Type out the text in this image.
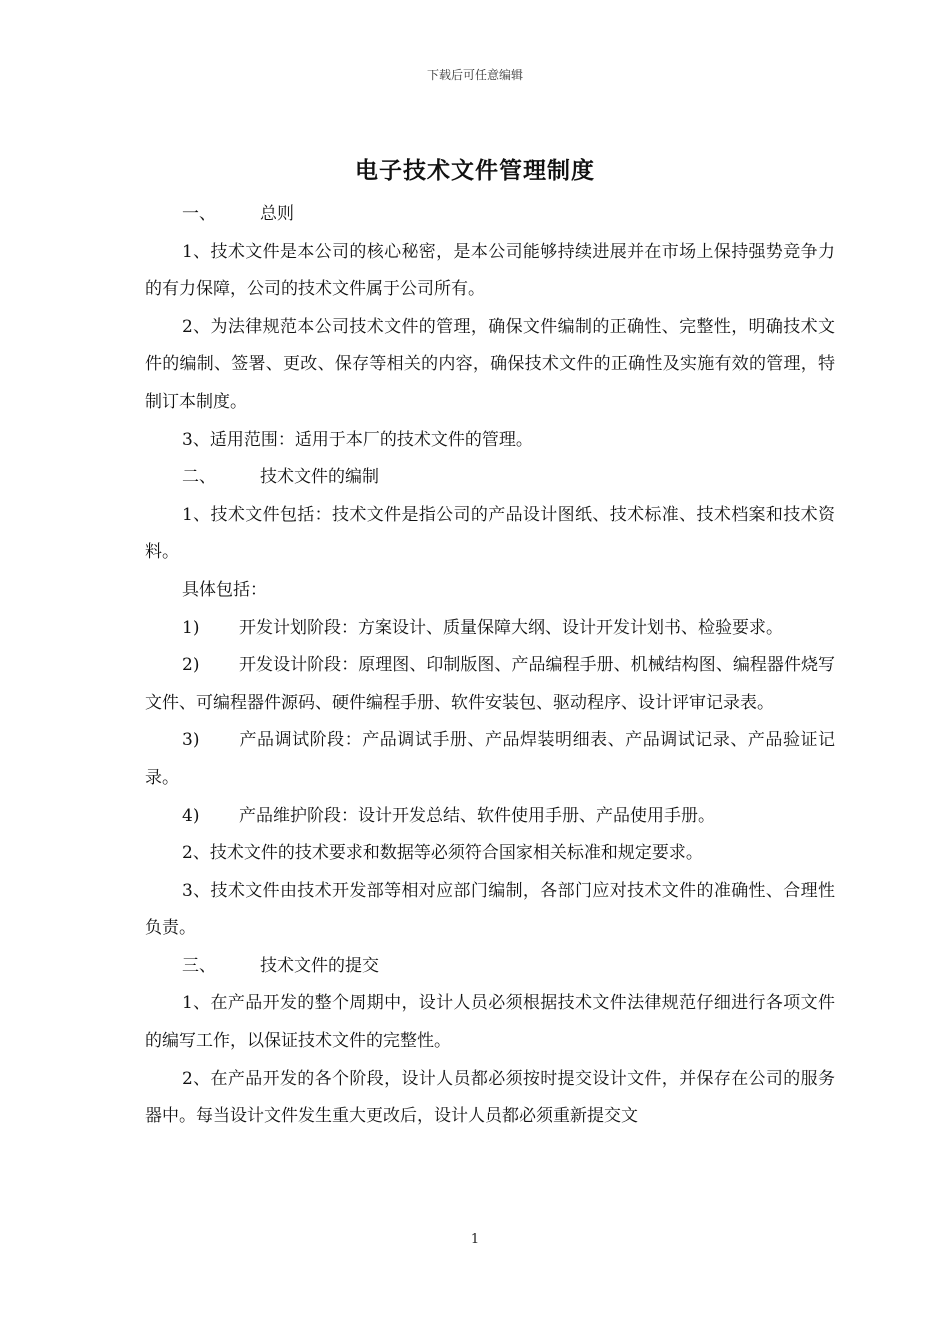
下载后可任意编辑
电子技术文件管理制度

一、	总则

1、技术文件是本公司的核心秘密，是本公司能够持续进展并在市场上保持强势竞争力的有力保障，公司的技术文件属于公司所有。

2、为法律规范本公司技术文件的管理，确保文件编制的正确性、完整性，明确技术文件的编制、签署、更改、保存等相关的内容，确保技术文件的正确性及实施有效的管理，特制订本制度。

3、适用范围：适用于本厂的技术文件的管理。

二、	技术文件的编制

1、技术文件包括：技术文件是指公司的产品设计图纸、技术标准、技术档案和技术资料。

具体包括：

1) 开发计划阶段：方案设计、质量保障大纲、设计开发计划书、检验要求。

2) 开发设计阶段：原理图、印制版图、产品编程手册、机械结构图、编程器件烧写文件、可编程器件源码、硬件编程手册、软件安装包、驱动程序、设计评审记录表。

3) 产品调试阶段：产品调试手册、产品焊装明细表、产品调试记录、产品验证记录。

4) 产品维护阶段：设计开发总结、软件使用手册、产品使用手册。

2、技术文件的技术要求和数据等必须符合国家相关标准和规定要求。

3、技术文件由技术开发部等相对应部门编制，各部门应对技术文件的准确性、合理性负责。

三、	技术文件的提交

1、在产品开发的整个周期中，设计人员必须根据技术文件法律规范仔细进行各项文件的编写工作，以保证技术文件的完整性。

2、在产品开发的各个阶段，设计人员都必须按时提交设计文件，并保存在公司的服务器中。每当设计文件发生重大更改后，设计人员都必须重新提交文

1
